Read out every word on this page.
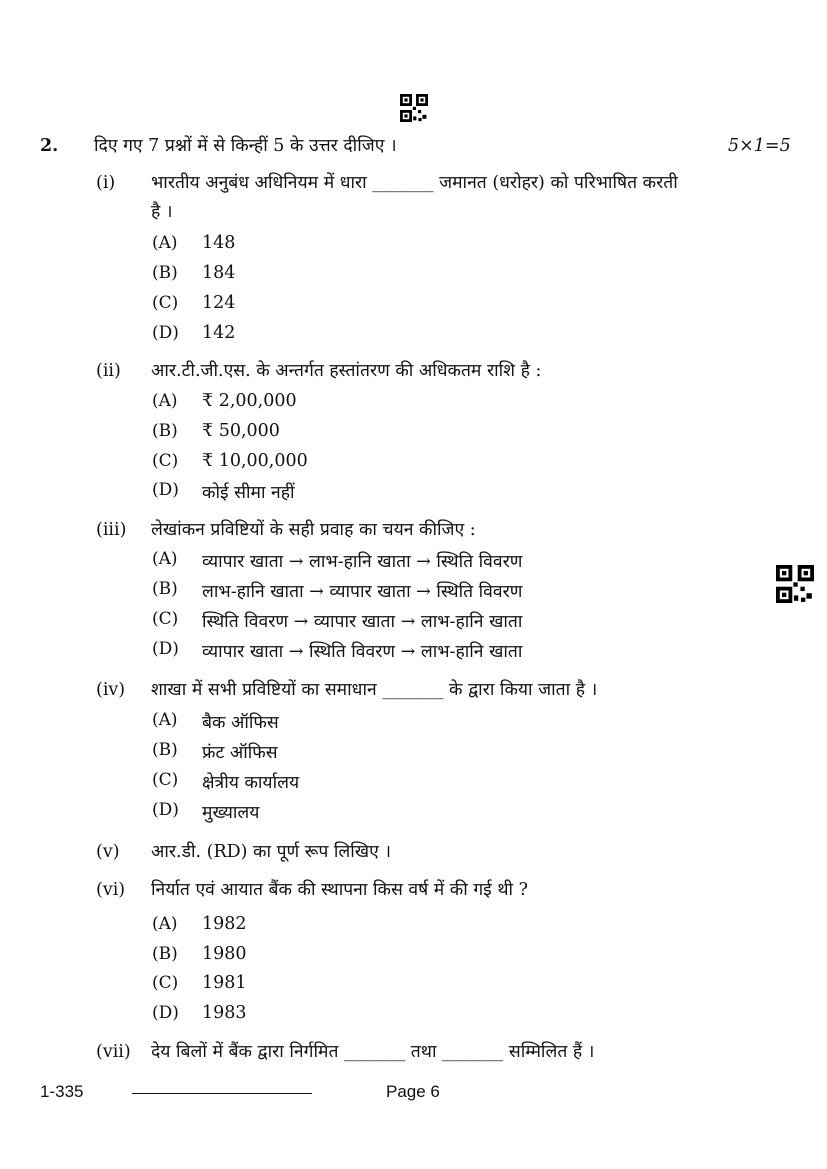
2. दिए गए 7 प्रश्नों में से किन्हीं 5 के उत्तर दीजिए ।	5×1=5
(i) भारतीय अनुबंध अधिनियम में धारा _______ जमानत (धरोहर) को परिभाषित करती
है ।
(A) 148
(B) 184
(C) 124
(D) 142
(ii) आर.टी.जी.एस. के अन्तर्गत हस्तांतरण की अधिकतम राशि है :
(A) ₹ 2,00,000
(B) ₹ 50,000
(C) ₹ 10,00,000
(D) कोई सीमा नहीं
(iii) लेखांकन प्रविष्टियों के सही प्रवाह का चयन कीजिए :
(A) व्यापार खाता → लाभ-हानि खाता → स्थिति विवरण
(B) लाभ-हानि खाता → व्यापार खाता → स्थिति विवरण
(C) स्थिति विवरण → व्यापार खाता → लाभ-हानि खाता
(D) व्यापार खाता → स्थिति विवरण → लाभ-हानि खाता
(iv) शाखा में सभी प्रविष्टियों का समाधान _______ के द्वारा किया जाता है ।
(A) बैक ऑफिस
(B) फ्रंट ऑफिस
(C) क्षेत्रीय कार्यालय
(D) मुख्यालय
(v) आर.डी. (RD) का पूर्ण रूप लिखिए ।
(vi) निर्यात एवं आयात बैंक की स्थापना किस वर्ष में की गई थी ?
(A) 1982
(B) 1980
(C) 1981
(D) 1983
(vii) देय बिलों में बैंक द्वारा निर्गमित _______ तथा _______ सम्मिलित हैं ।
1-335	Page 6
